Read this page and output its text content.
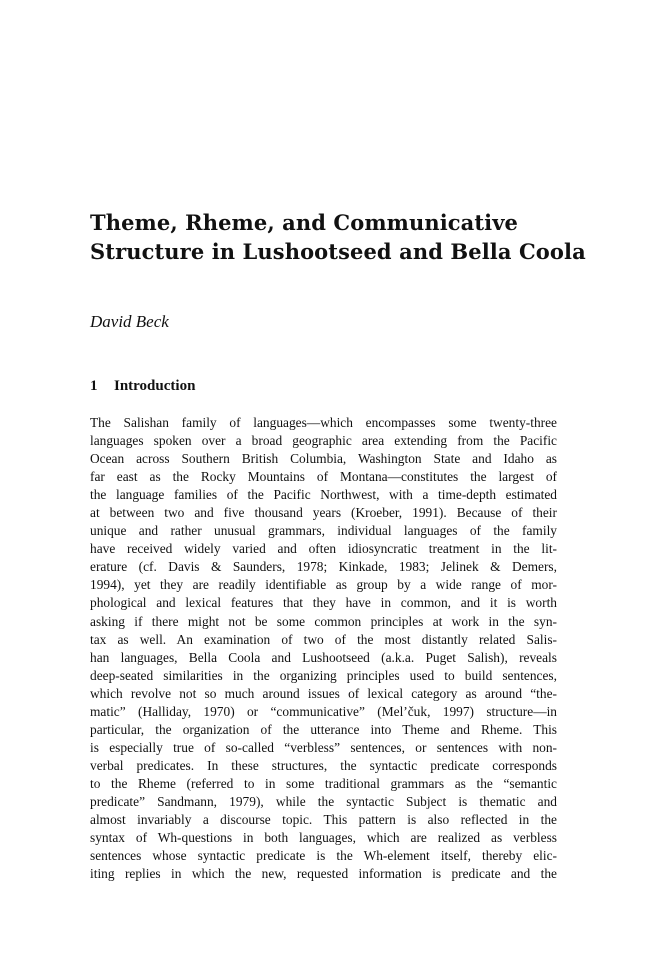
Theme, Rheme, and Communicative
Structure in Lushootseed and Bella Coola

David Beck

1 Introduction
The Salishan family of languages—which encompasses some twenty-three
languages spoken over a broad geographic area extending from the Pacific
Ocean across Southern British Columbia, Washington State and Idaho as
far east as the Rocky Mountains of Montana—constitutes the largest of
the language families of the Pacific Northwest, with a time-depth estimated
at between two and five thousand years (Kroeber, 1991). Because of their
unique and rather unusual grammars, individual languages of the family
have received widely varied and often idiosyncratic treatment in the lit-
erature (cf. Davis & Saunders, 1978; Kinkade, 1983; Jelinek & Demers,
1994), yet they are readily identifiable as group by a wide range of mor-
phological and lexical features that they have in common, and it is worth
asking if there might not be some common principles at work in the syn-
tax as well. An examination of two of the most distantly related Salis-
han languages, Bella Coola and Lushootseed (a.k.a. Puget Salish), reveals
deep-seated similarities in the organizing principles used to build sentences,
which revolve not so much around issues of lexical category as around “the-
matic” (Halliday, 1970) or “communicative” (Mel’čuk, 1997) structure—in
particular, the organization of the utterance into Theme and Rheme. This
is especially true of so-called “verbless” sentences, or sentences with non-
verbal predicates. In these structures, the syntactic predicate corresponds
to the Rheme (referred to in some traditional grammars as the “semantic
predicate” Sandmann, 1979), while the syntactic Subject is thematic and
almost invariably a discourse topic. This pattern is also reflected in the
syntax of Wh-questions in both languages, which are realized as verbless
sentences whose syntactic predicate is the Wh-element itself, thereby elic-
iting replies in which the new, requested information is predicate and the
